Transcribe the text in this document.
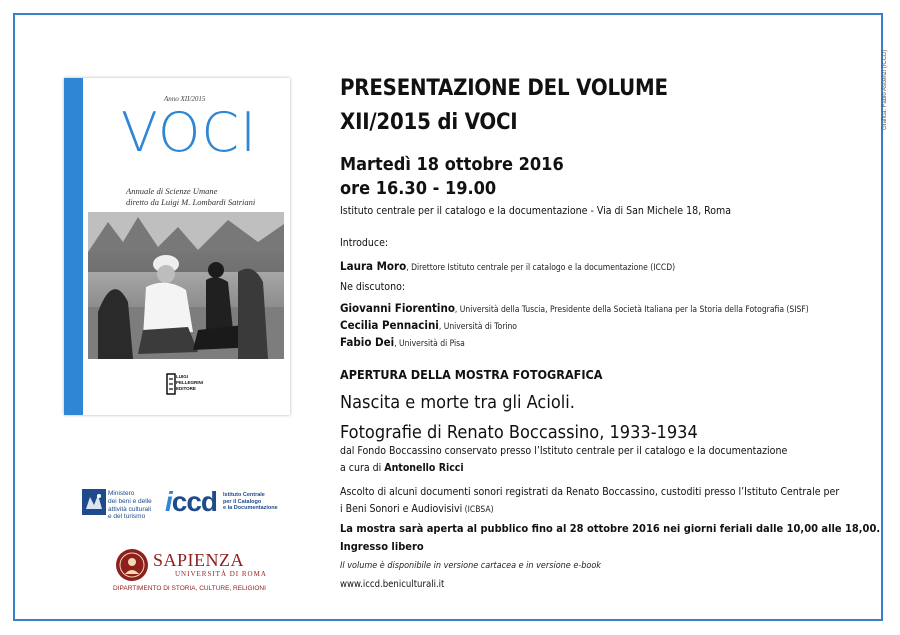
Grafica: Fabio Ascenzi (ICCD)
Anno XII/2015
VOCI
Annuale di Scienze Umane
diretto da Luigi M. Lombardi Satriani
LUIGI
PELLEGRINI
EDITORE
Ministero
dei beni e delle
attività culturali
e del turismo iccd Istituto Centrale
per il Catalogo
e la Documentazione
SAPIENZA
UNIVERSITÀ DI ROMA
DIPARTIMENTO DI STORIA, CULTURE, RELIGIONI
PRESENTAZIONE DEL VOLUME
XII/2015 di VOCI
Martedì 18 ottobre 2016
ore 16.30 - 19.00
Istituto centrale per il catalogo e la documentazione - Via di San Michele 18, Roma
Introduce:
Laura Moro, Direttore Istituto centrale per il catalogo e la documentazione (ICCD)
Ne discutono:
Giovanni Fiorentino, Università della Tuscia, Presidente della Società Italiana per la Storia della Fotografia (SISF)
Cecilia Pennacini, Università di Torino
Fabio Dei, Università di Pisa
APERTURA DELLA MOSTRA FOTOGRAFICA
Nascita e morte tra gli Acioli.
Fotografie di Renato Boccassino, 1933-1934
dal Fondo Boccassino conservato presso l’Istituto centrale per il catalogo e la documentazione
a cura di Antonello Ricci
Ascolto di alcuni documenti sonori registrati da Renato Boccassino, custoditi presso l’Istituto Centrale per
i Beni Sonori e Audiovisivi (ICBSA)
La mostra sarà aperta al pubblico fino al 28 ottobre 2016 nei giorni feriali dalle 10,00 alle 18,00.
Ingresso libero
Il volume è disponibile in versione cartacea e in versione e-book
www.iccd.beniculturali.it
